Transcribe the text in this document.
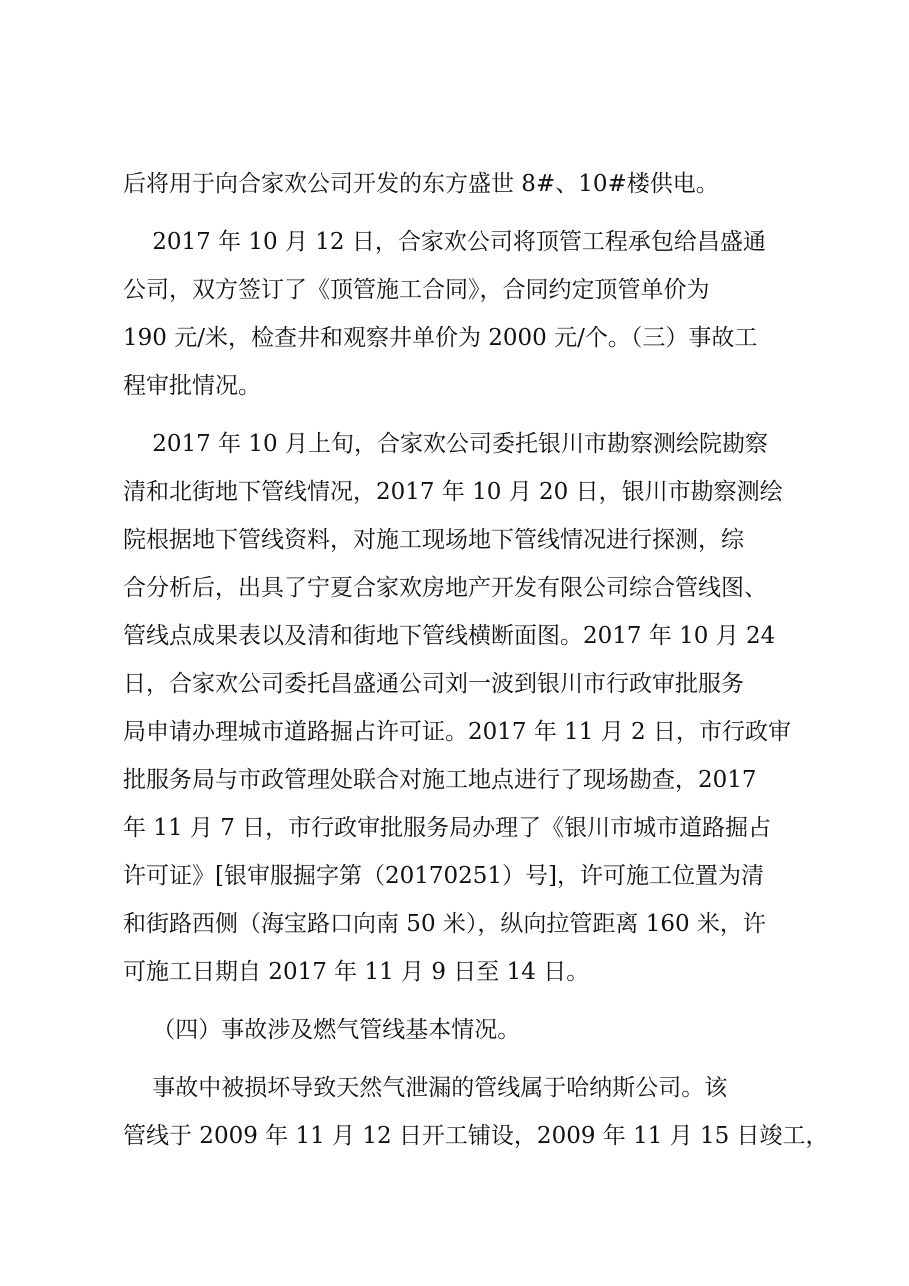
后将用于向合家欢公司开发的东方盛世 8#、10#楼供电。
2017 年 10 月 12 日，合家欢公司将顶管工程承包给昌盛通
公司，双方签订了《顶管施工合同》，合同约定顶管单价为
190 元/米，检查井和观察井单价为 2000 元/个。（三）事故工
程审批情况。
2017 年 10 月上旬，合家欢公司委托银川市勘察测绘院勘察
清和北街地下管线情况，2017 年 10 月 20 日，银川市勘察测绘
院根据地下管线资料，对施工现场地下管线情况进行探测，综
合分析后，出具了宁夏合家欢房地产开发有限公司综合管线图、
管线点成果表以及清和街地下管线横断面图。2017 年 10 月 24
日，合家欢公司委托昌盛通公司刘一波到银川市行政审批服务
局申请办理城市道路掘占许可证。2017 年 11 月 2 日，市行政审
批服务局与市政管理处联合对施工地点进行了现场勘查，2017
年 11 月 7 日，市行政审批服务局办理了《银川市城市道路掘占
许可证》[银审服掘字第（20170251）号]，许可施工位置为清
和街路西侧（海宝路口向南 50 米），纵向拉管距离 160 米，许
可施工日期自 2017 年 11 月 9 日至 14 日。
（四）事故涉及燃气管线基本情况。
事故中被损坏导致天然气泄漏的管线属于哈纳斯公司。该
管线于 2009 年 11 月 12 日开工铺设，2009 年 11 月 15 日竣工，
